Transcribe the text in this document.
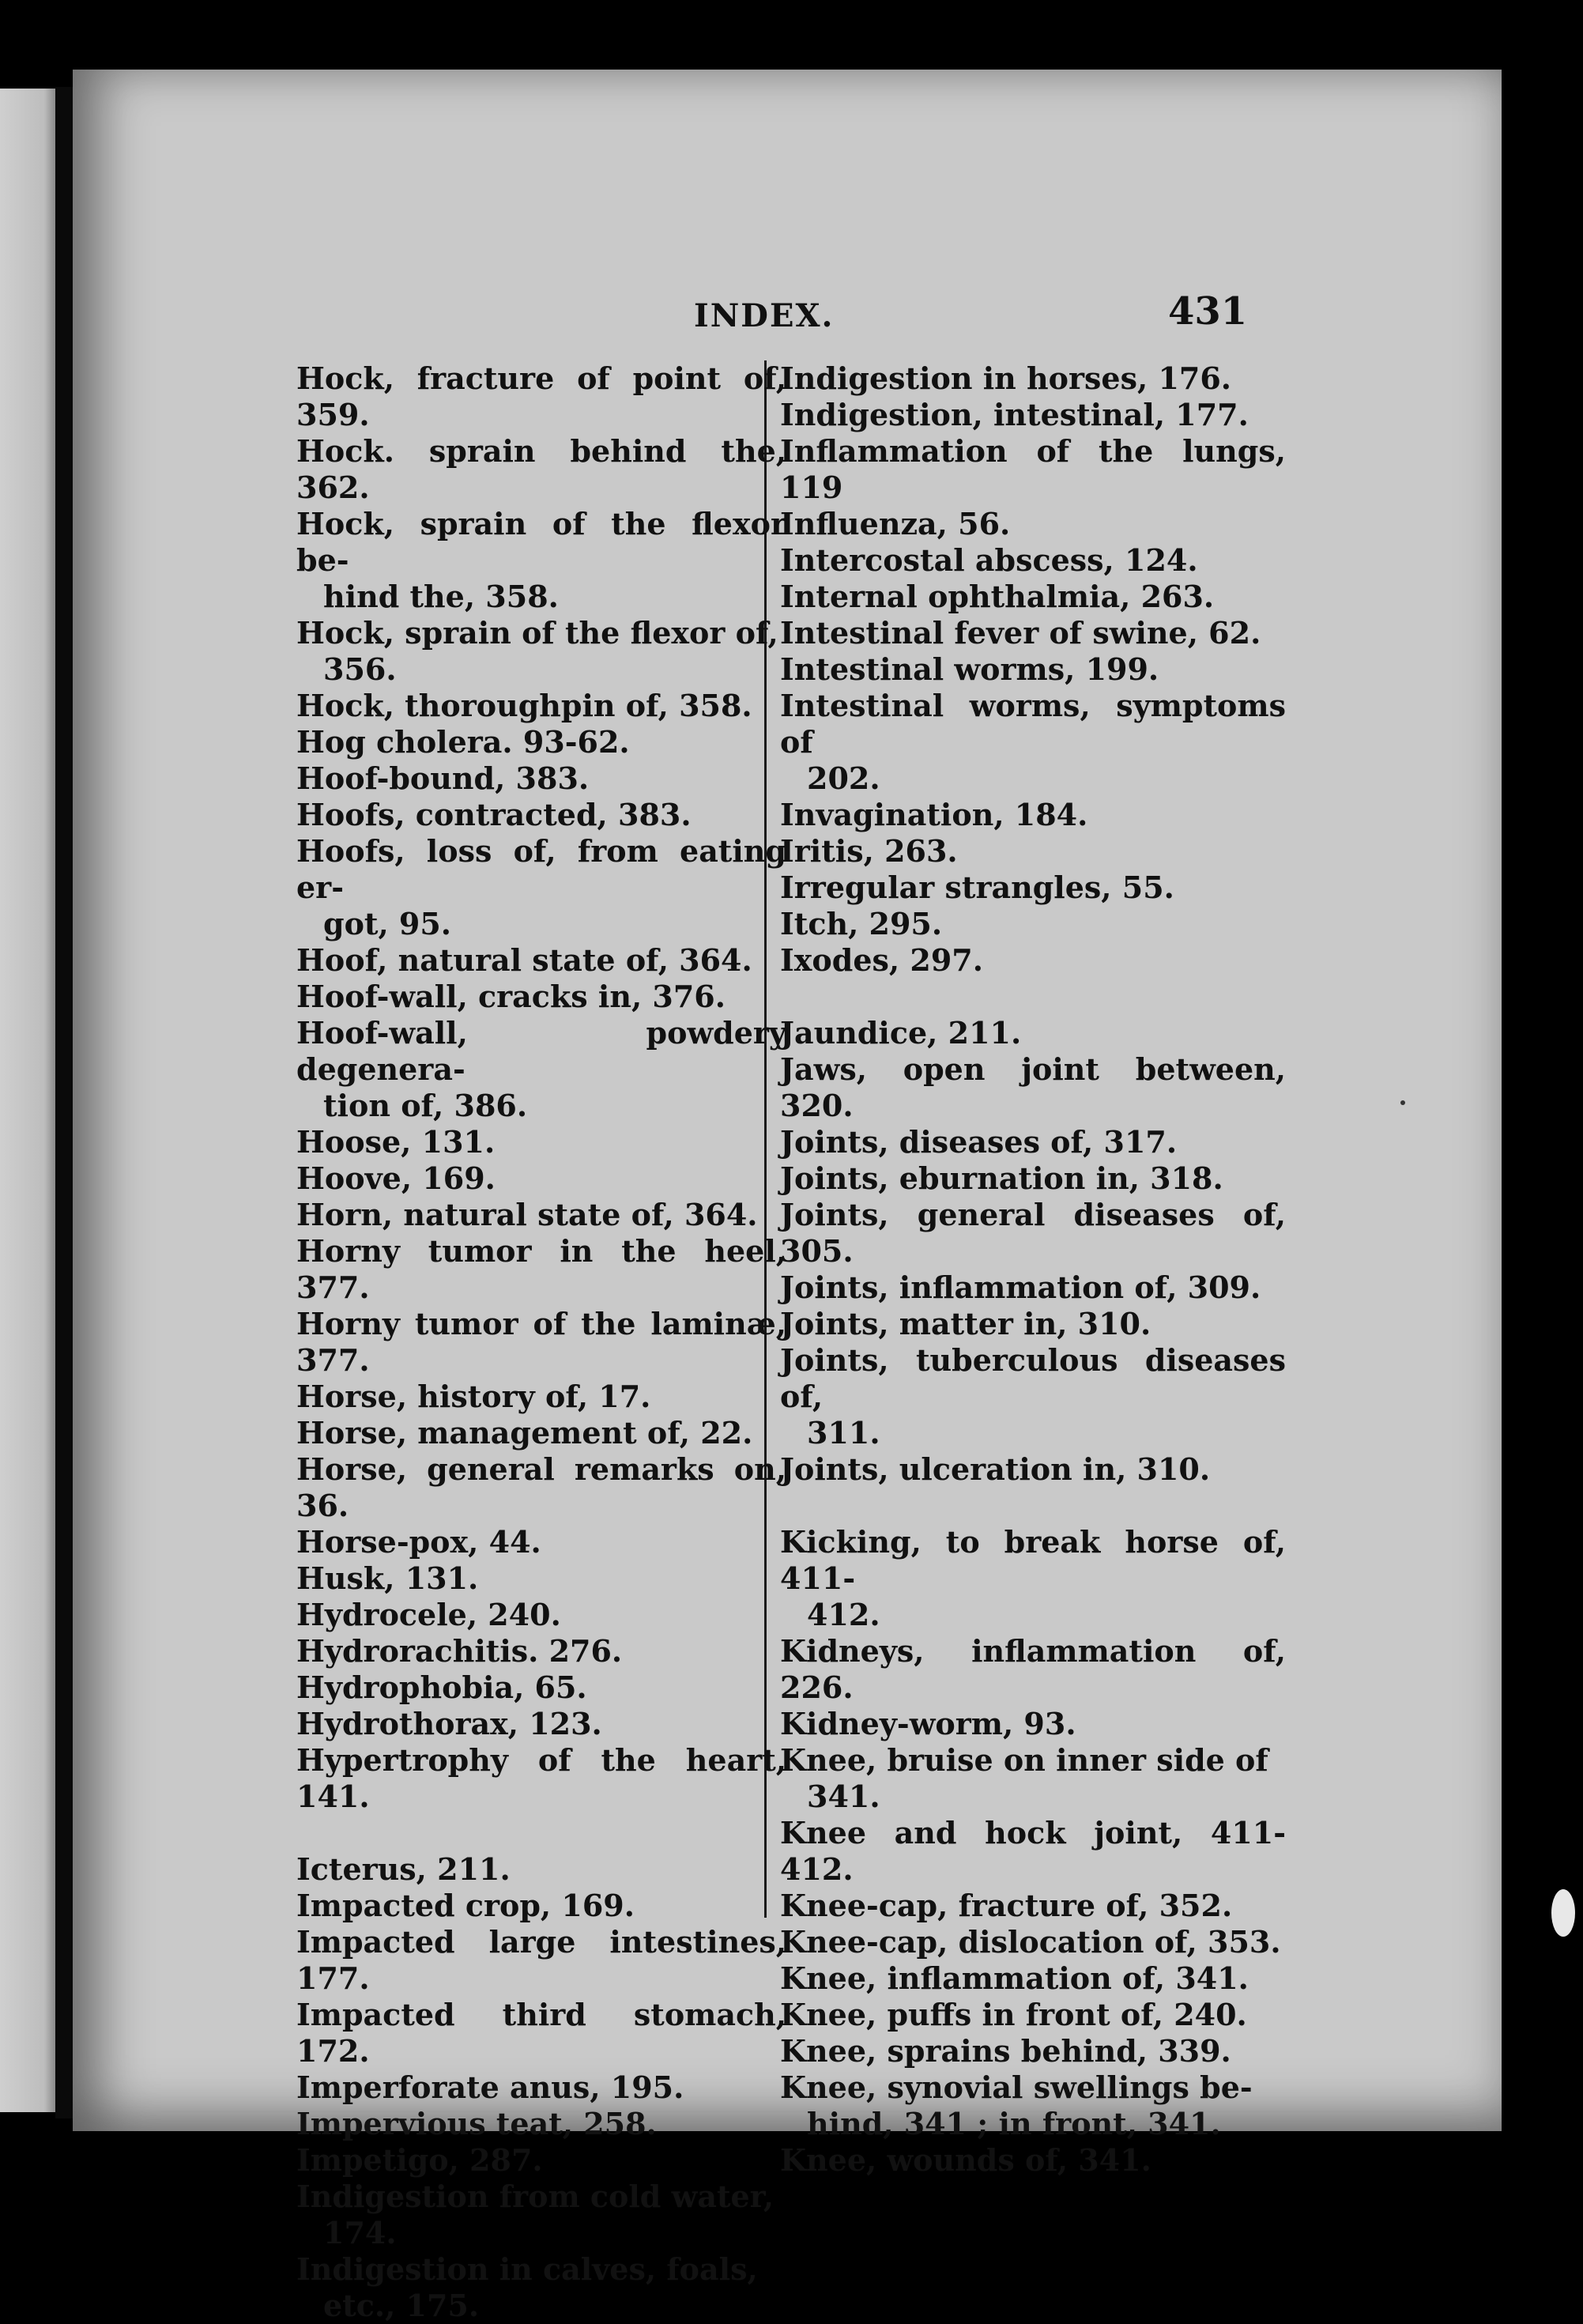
INDEX.	431

Hock, fracture of point of, 359.

Hock. sprain behind the, 362.

Hock, sprain of the flexor be-

hind the, 358.

Hock, sprain of the flexor of,

356.

Hock, thoroughpin of, 358.

Hog cholera. 93-62.

Hoof-bound, 383.

Hoofs, contracted, 383.

Hoofs, loss of, from eating er-

got, 95.

Hoof, natural state of, 364.

Hoof-wall, cracks in, 376.

Hoof-wall, powdery degenera-

tion of, 386.

Hoose, 131.

Hoove, 169.

Horn, natural state of, 364.

Horny tumor in the heel, 377.

Horny tumor of the laminæ, 377.

Horse, history of, 17.

Horse, management of, 22.

Horse, general remarks on, 36.

Horse-pox, 44.

Husk, 131.

Hydrocele, 240.

Hydrorachitis. 276.

Hydrophobia, 65.

Hydrothorax, 123.

Hypertrophy of the heart, 141.

Icterus, 211.

Impacted crop, 169.

Impacted large intestines, 177.

Impacted third stomach, 172.

Imperforate anus, 195.

Impervious teat, 258.

Impetigo, 287.

Indigestion from cold water,

174.

Indigestion in calves, foals,

etc., 175.

Indigestion in horses, 176.

Indigestion, intestinal, 177.

Inflammation of the lungs, 119

Influenza, 56.

Intercostal abscess, 124.

Internal ophthalmia, 263.

Intestinal fever of swine, 62.

Intestinal worms, 199.

Intestinal worms, symptoms of

202.

Invagination, 184.

Iritis, 263.

Irregular strangles, 55.

Itch, 295.

Ixodes, 297.

Jaundice, 211.

Jaws, open joint between, 320.

Joints, diseases of, 317.

Joints, eburnation in, 318.

Joints, general diseases of, 305.

Joints, inflammation of, 309.

Joints, matter in, 310.

Joints, tuberculous diseases of,

311.

Joints, ulceration in, 310.

Kicking, to break horse of, 411-

412.

Kidneys, inflammation of, 226.

Kidney-worm, 93.

Knee, bruise on inner side of

341.

Knee and hock joint, 411-412.

Knee-cap, fracture of, 352.

Knee-cap, dislocation of, 353.

Knee, inflammation of, 341.

Knee, puffs in front of, 240.

Knee, sprains behind, 339.

Knee, synovial swellings be-

hind, 341 ; in front, 341.

Knee, wounds of, 341.
